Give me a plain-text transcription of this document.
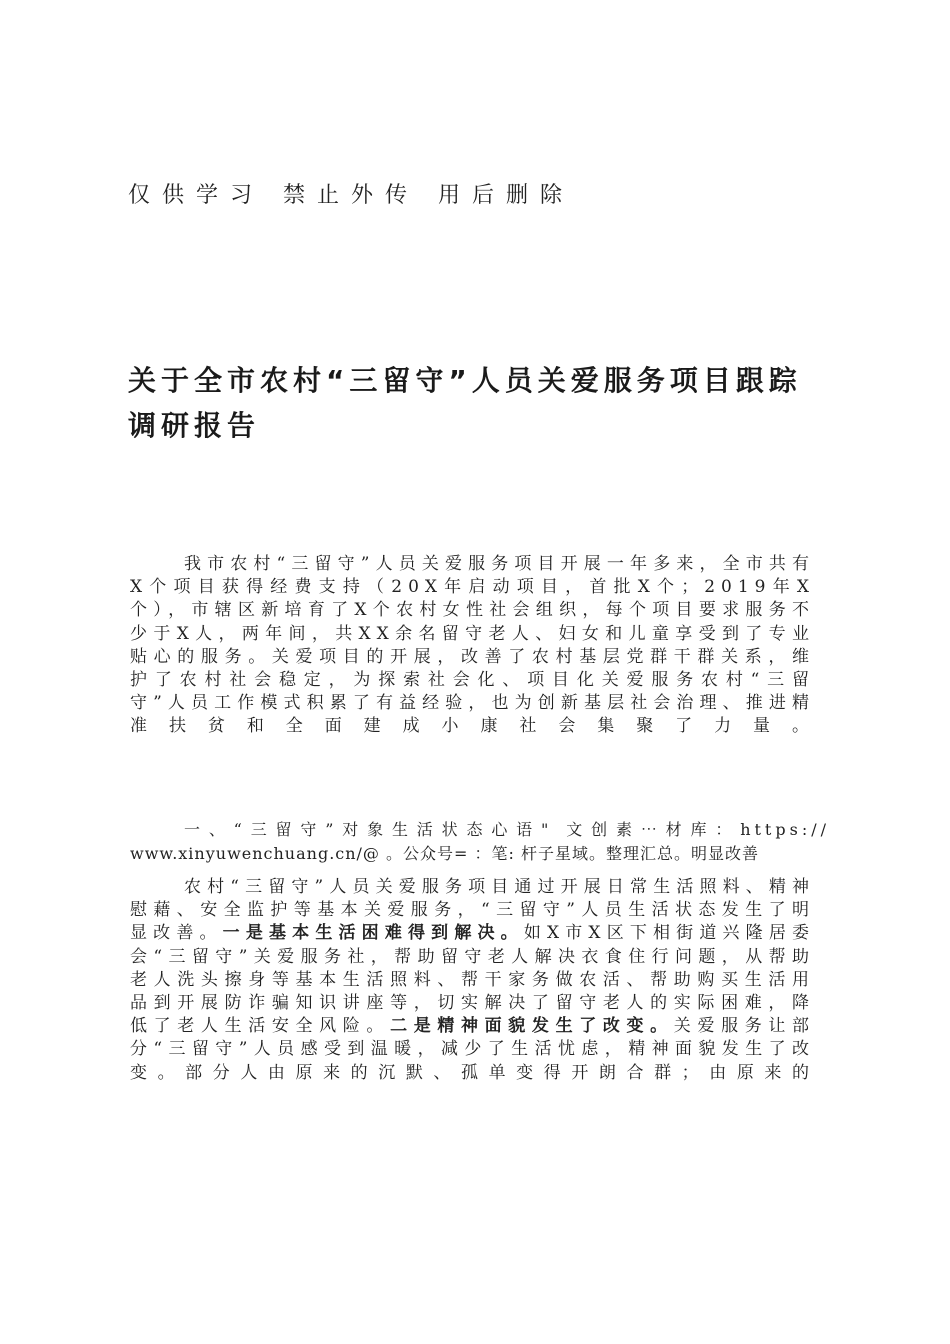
仅供学习 禁止外传 用后删除
关于全市农村“三留守”人员关爱服务项目跟踪调研报告
我市农村“三留守”人员关爱服务项目开展一年多来，全市共有X个项目获得经费支持（20X年启动项目，首批X个；2019年X个），市辖区新培育了X个农村女性社会组织，每个项目要求服务不少于X人，两年间，共XX余名留守老人、妇女和儿童享受到了专业贴心的服务。关爱项目的开展，改善了农村基层党群干群关系，维护了农村社会稳定，为探索社会化、项目化关爱服务农村“三留守”人员工作模式积累了有益经验，也为创新基层社会治理、推进精准扶贫和全面建成小康社会集聚了力量。
一、“三留守”对象生活状态心语" 文创素⋯材库：https://
www.xinyuwenchuang.cn/@ 。公众号= ：笔: 杆子星域。整理汇总。明显改善
农村“三留守”人员关爱服务项目通过开展日常生活照料、精神慰藉、安全监护等基本关爱服务，“三留守”人员生活状态发生了明显改善。一是基本生活困难得到解决。如X市X区下相街道兴隆居委会“三留守”关爱服务社，帮助留守老人解决衣食住行问题，从帮助老人洗头擦身等基本生活照料、帮干家务做农活、帮助购买生活用品到开展防诈骗知识讲座等，切实解决了留守老人的实际困难，降低了老人生活安全风险。二是精神面貌发生了改变。关爱服务让部分“三留守”人员感受到温暖，减少了生活忧虑，精神面貌发生了改变。部分人由原来的沉默、孤单变得开朗合群；由原来的
